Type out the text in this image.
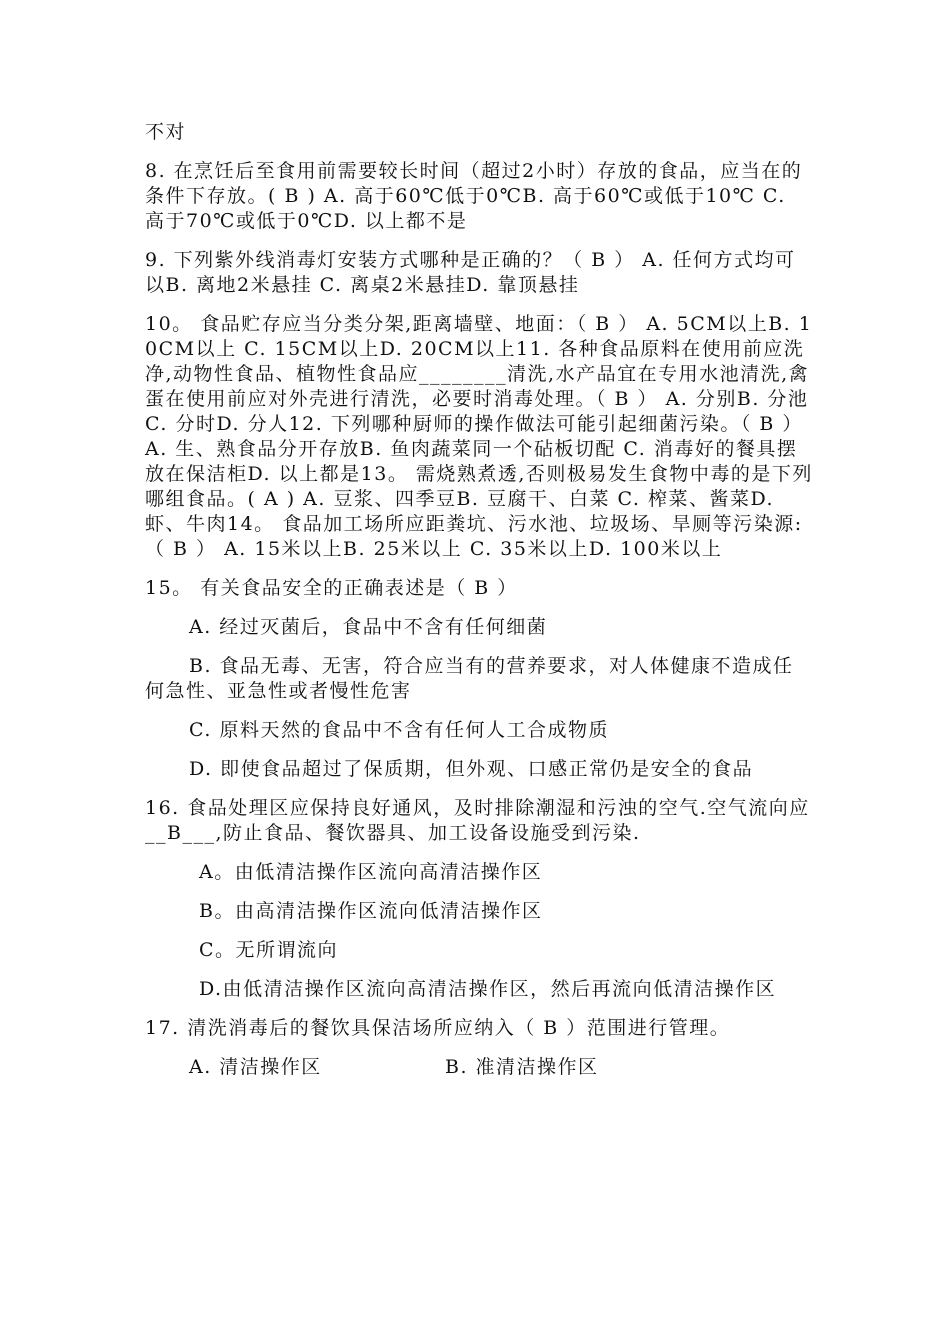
不对

8. 在烹饪后至食用前需要较长时间（超过2小时）存放的食品，应当在的条件下存放。( B ) A. 高于60℃低于0℃B. 高于60℃或低于10℃ C. 高于70℃或低于0℃D. 以上都不是

9. 下列紫外线消毒灯安装方式哪种是正确的？（ B ） A. 任何方式均可以B. 离地2米悬挂 C. 离桌2米悬挂D. 靠顶悬挂

10。 食品贮存应当分类分架,距离墙壁、地面：（ B ） A. 5CM以上B. 10CM以上 C. 15CM以上D. 20CM以上11. 各种食品原料在使用前应洗净,动物性食品、植物性食品应________清洗,水产品宜在专用水池清洗,禽蛋在使用前应对外壳进行清洗，必要时消毒处理。（ B ） A. 分别B. 分池 C. 分时D. 分人12. 下列哪种厨师的操作做法可能引起细菌污染。（ B ） A. 生、熟食品分开存放B. 鱼肉蔬菜同一个砧板切配 C. 消毒好的餐具摆放在保洁柜D. 以上都是13。 需烧熟煮透,否则极易发生食物中毒的是下列哪组食品。( A ) A. 豆浆、四季豆B. 豆腐干、白菜 C. 榨菜、酱菜D. 虾、牛肉14。 食品加工场所应距粪坑、污水池、垃圾场、旱厕等污染源:（ B ） A. 15米以上B. 25米以上 C. 35米以上D. 100米以上

15。 有关食品安全的正确表述是（ B ）

A. 经过灭菌后，食品中不含有任何细菌

B. 食品无毒、无害，符合应当有的营养要求，对人体健康不造成任何急性、亚急性或者慢性危害

C. 原料天然的食品中不含有任何人工合成物质

D. 即使食品超过了保质期，但外观、口感正常仍是安全的食品

16. 食品处理区应保持良好通风，及时排除潮湿和污浊的空气.空气流向应__B___,防止食品、餐饮器具、加工设备设施受到污染.

A。由低清洁操作区流向高清洁操作区

B。由高清洁操作区流向低清洁操作区

C。无所谓流向

D.由低清洁操作区流向高清洁操作区，然后再流向低清洁操作区

17. 清洗消毒后的餐饮具保洁场所应纳入（ B ）范围进行管理。

A. 清洁操作区	B. 准清洁操作区
